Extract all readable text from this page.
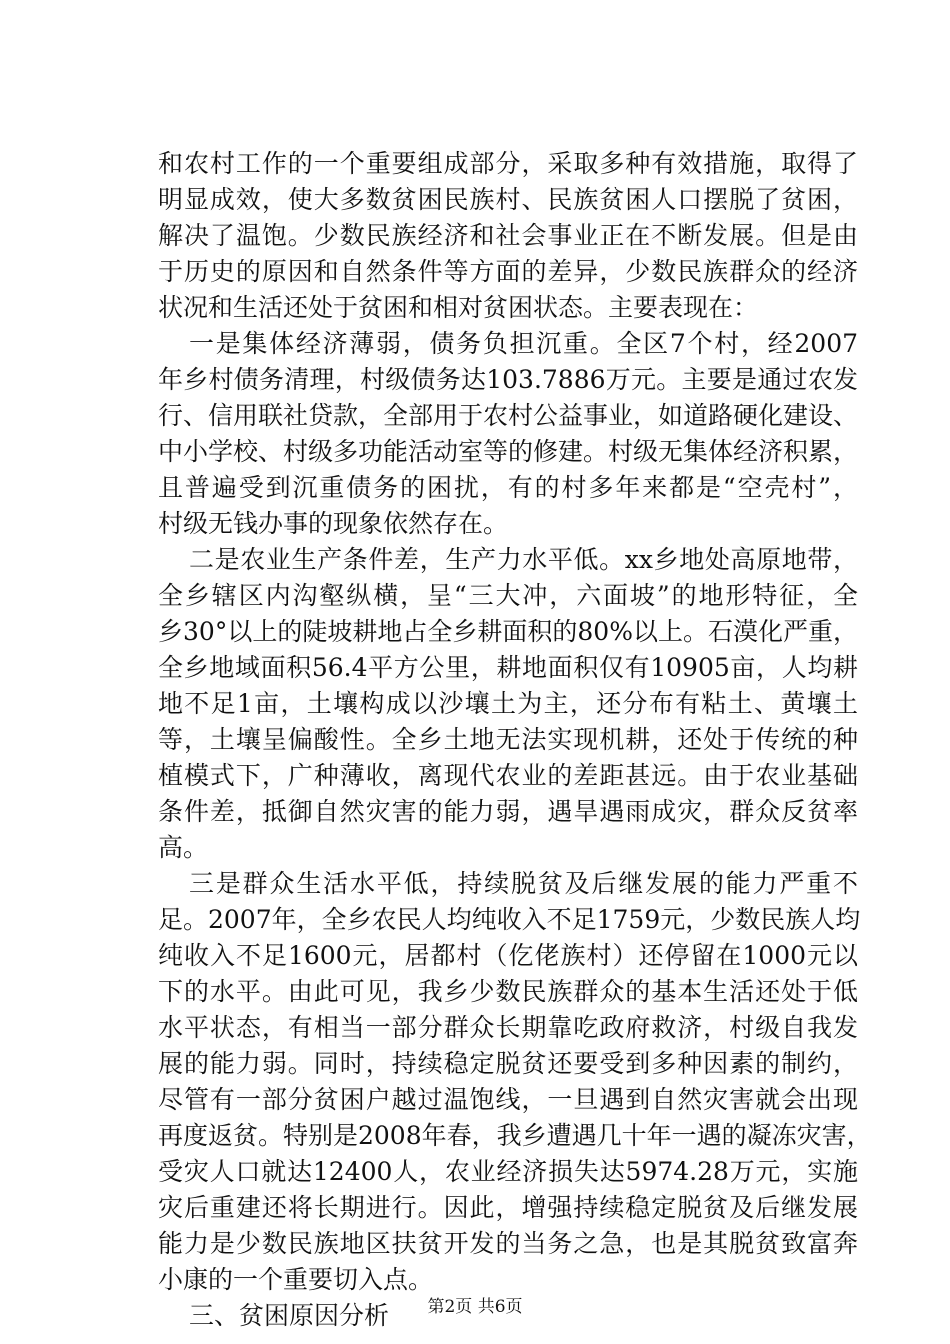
和农村工作的一个重要组成部分，采取多种有效措施，取得了
明显成效，使大多数贫困民族村、民族贫困人口摆脱了贫困，
解决了温饱。少数民族经济和社会事业正在不断发展。但是由
于历史的原因和自然条件等方面的差异，少数民族群众的经济
状况和生活还处于贫困和相对贫困状态。主要表现在：
一是集体经济薄弱，债务负担沉重。全区7个村，经2007
年乡村债务清理，村级债务达103.7886万元。主要是通过农发
行、信用联社贷款，全部用于农村公益事业，如道路硬化建设、
中小学校、村级多功能活动室等的修建。村级无集体经济积累，
且普遍受到沉重债务的困扰，有的村多年来都是“空壳村”，
村级无钱办事的现象依然存在。
二是农业生产条件差，生产力水平低。xx乡地处高原地带，
全乡辖区内沟壑纵横，呈“三大冲，六面坡”的地形特征，全
乡30°以上的陡坡耕地占全乡耕面积的80%以上。石漠化严重，
全乡地域面积56.4平方公里，耕地面积仅有10905亩，人均耕
地不足1亩，土壤构成以沙壤土为主，还分布有粘土、黄壤土
等，土壤呈偏酸性。全乡土地无法实现机耕，还处于传统的种
植模式下，广种薄收，离现代农业的差距甚远。由于农业基础
条件差，抵御自然灾害的能力弱，遇旱遇雨成灾，群众反贫率
高。
三是群众生活水平低，持续脱贫及后继发展的能力严重不
足。2007年，全乡农民人均纯收入不足1759元，少数民族人均
纯收入不足1600元，居都村（仡佬族村）还停留在1000元以
下的水平。由此可见，我乡少数民族群众的基本生活还处于低
水平状态，有相当一部分群众长期靠吃政府救济，村级自我发
展的能力弱。同时，持续稳定脱贫还要受到多种因素的制约，
尽管有一部分贫困户越过温饱线，一旦遇到自然灾害就会出现
再度返贫。特别是2008年春，我乡遭遇几十年一遇的凝冻灾害，
受灾人口就达12400人，农业经济损失达5974.28万元，实施
灾后重建还将长期进行。因此，增强持续稳定脱贫及后继发展
能力是少数民族地区扶贫开发的当务之急，也是其脱贫致富奔
小康的一个重要切入点。
三、贫困原因分析	第2页 共6页
